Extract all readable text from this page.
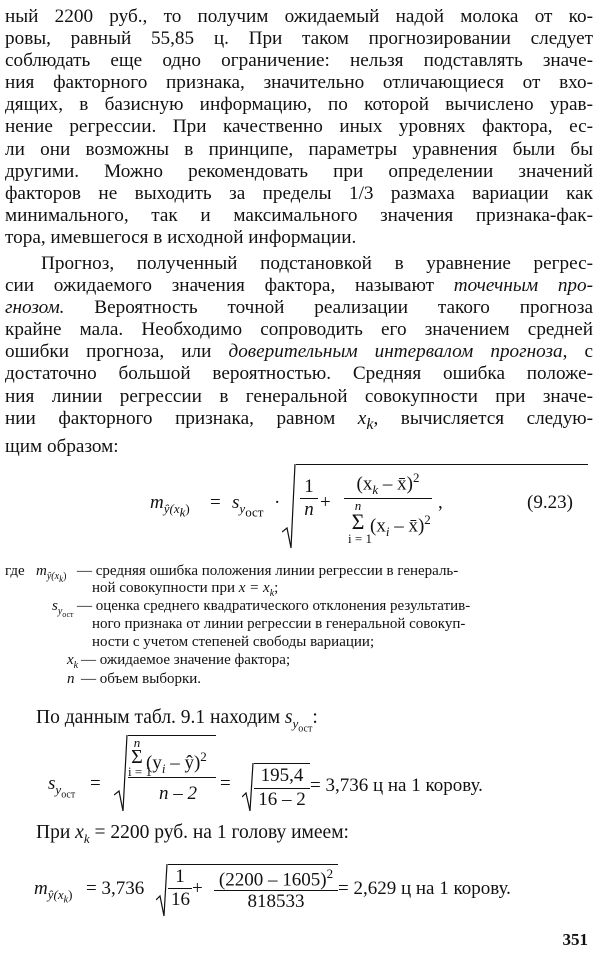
ный 2200 руб., то получим ожидаемый надой молока от ко-
ровы, равный 55,85 ц. При таком прогнозировании следует
соблюдать еще одно ограничение: нельзя подставлять значе-
ния факторного признака, значительно отличающиеся от вхо-
дящих, в базисную информацию, по которой вычислено урав-
нение регрессии. При качественно иных уровнях фактора, ес-
ли они возможны в принципе, параметры уравнения были бы
другими. Можно рекомендовать при определении значений
факторов не выходить за пределы 1/3 размаха вариации как
минимального, так и максимального значения признака-фак-
тора, имевшегося в исходной информации.
Прогноз, полученный подстановкой в уравнение регрес-
сии ожидаемого значения фактора, называют точечным про-
гнозом. Вероятность точной реализации такого прогноза
крайне мала. Необходимо сопроводить его значением средней
ошибки прогноза, или доверительным интервалом прогноза, с
достаточно большой вероятностью. Средняя ошибка положе-
ния линии регрессии в генеральной совокупности при значе-
нии факторного признака, равном $x_k$, вычисляется следую-
щим образом:
$m_{ŷ(x_k)} = s_{y_{ост}} \cdot \frac{1}{n}$ +
($x_k$ – x̄)$^2$
n
Σ
i = 1
($x_i$ – x̄)$^2$
,	(9.23)
где $m_{ŷ(x_k)}$ — средняя ошибка положения линии регрессии в генераль-
ной совокупности при $x = x_k$;
$s_{y_{ост}}$
— оценка среднего квадратического отклонения результатив-
ного признака от линии регрессии в генеральной совокуп-
ности с учетом степеней свободы вариации;
$x_k$ — ожидаемое значение фактора;
n — объем выборки.
По данным табл. 9.1 находим $s_{y_{ост}}$:
$s_{y_{ост}}$
=
n
Σ
i = 1
($y_i$ – ŷ)$^2$
n – 2	=	195,4
16 – 2
= 3,736 ц на 1 корову.
При $x_k = 2200$ руб. на 1 голову имеем:
$m_{ŷ(x_k)} = 3,736 \frac{1}{16} + (2200 - 1605)^2$
818533
= 2,629 ц на 1 корову.
351
